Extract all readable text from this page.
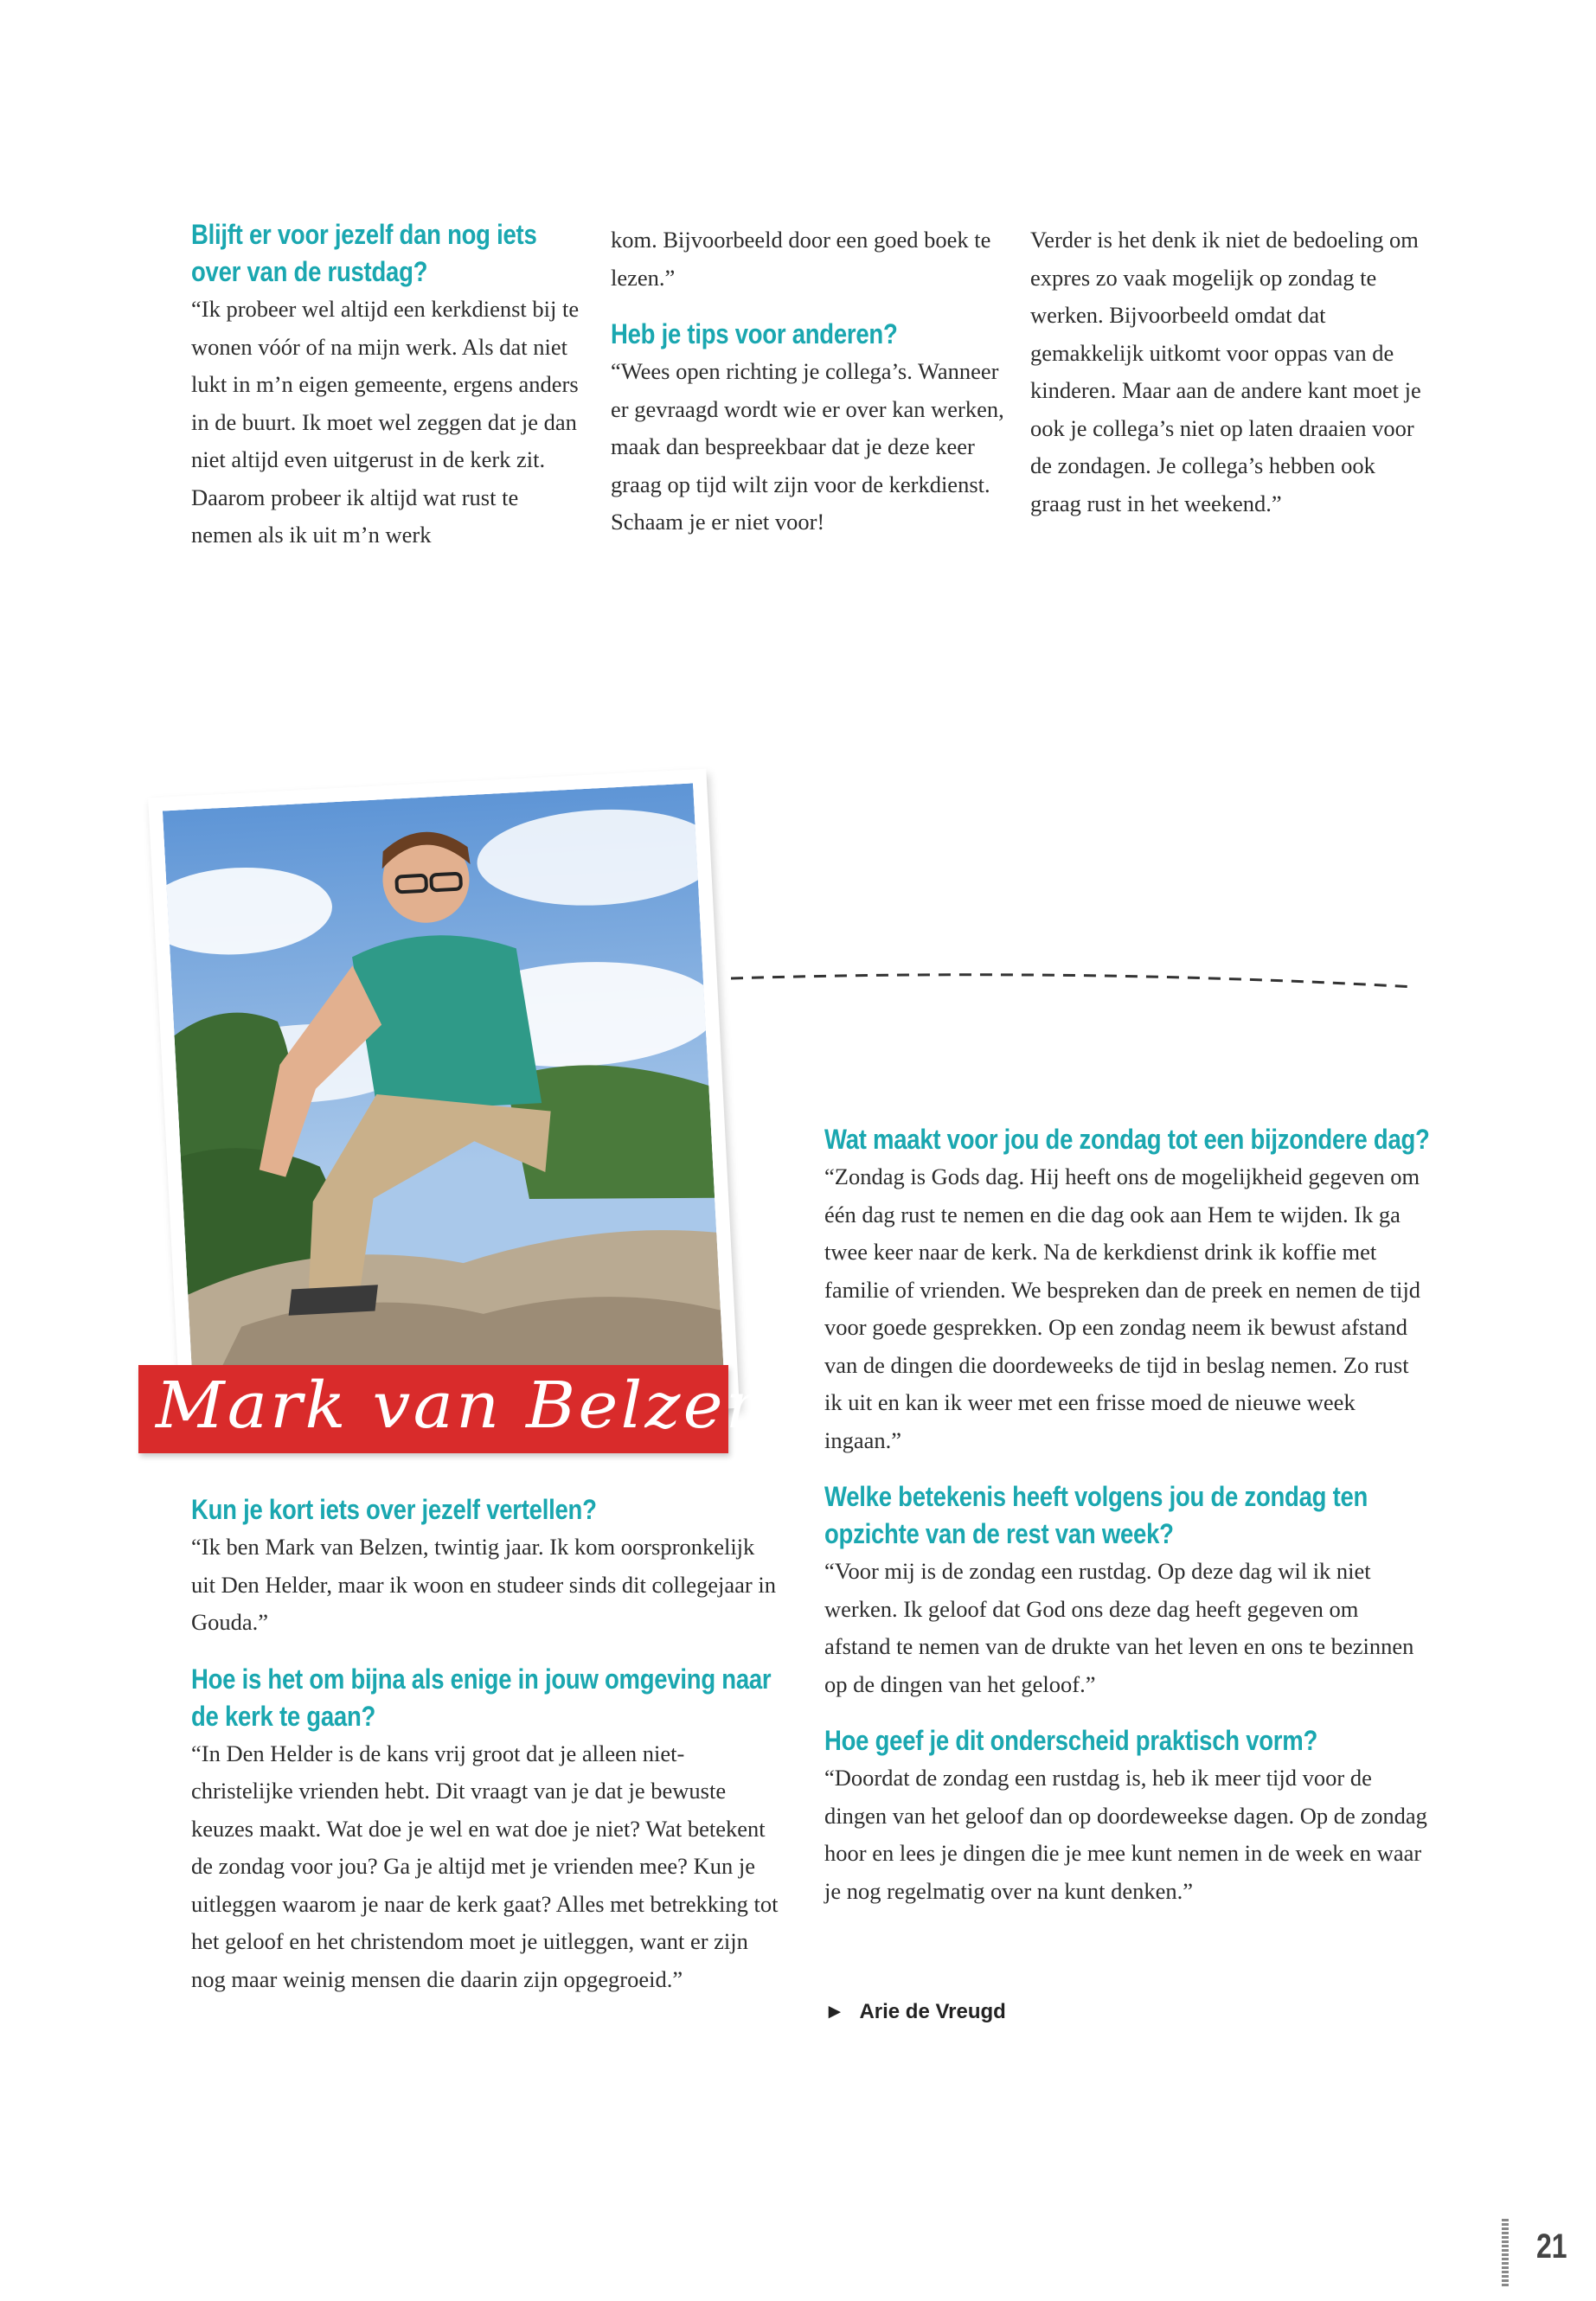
Blijft er voor jezelf dan nog iets over van de rustdag?

“Ik probeer wel altijd een kerkdienst bij te wonen vóór of na mijn werk. Als dat niet lukt in m’n eigen gemeente, ergens anders in de buurt. Ik moet wel zeggen dat je dan niet altijd even uitgerust in de kerk zit. Daarom probeer ik altijd wat rust te nemen als ik uit m’n werk

kom. Bijvoorbeeld door een goed boek te lezen.”

Heb je tips voor anderen?

“Wees open richting je collega’s. Wanneer er gevraagd wordt wie er over kan werken, maak dan bespreekbaar dat je deze keer graag op tijd wilt zijn voor de kerkdienst. Schaam je er niet voor!

Verder is het denk ik niet de bedoeling om expres zo vaak mogelijk op zondag te werken. Bijvoorbeeld omdat dat gemakkelijk uitkomt voor oppas van de kinderen. Maar aan de andere kant moet je ook je collega’s niet op laten draaien voor de zondagen. Je collega’s hebben ook graag rust in het weekend.”

Mark van Belzen
Kun je kort iets over jezelf vertellen?

“Ik ben Mark van Belzen, twintig jaar. Ik kom oorspronkelijk uit Den Helder, maar ik woon en studeer sinds dit collegejaar in Gouda.”

Hoe is het om bijna als enige in jouw omgeving naar de kerk te gaan?

“In Den Helder is de kans vrij groot dat je alleen niet-christelijke vrienden hebt. Dit vraagt van je dat je bewuste keuzes maakt. Wat doe je wel en wat doe je niet? Wat betekent de zondag voor jou? Ga je altijd met je vrienden mee? Kun je uitleggen waarom je naar de kerk gaat? Alles met betrekking tot het geloof en het christendom moet je uitleggen, want er zijn nog maar weinig mensen die daarin zijn opgegroeid.”

Wat maakt voor jou de zondag tot een bijzondere dag?

“Zondag is Gods dag. Hij heeft ons de mogelijkheid gegeven om één dag rust te nemen en die dag ook aan Hem te wijden. Ik ga twee keer naar de kerk. Na de kerkdienst drink ik koffie met familie of vrienden. We bespreken dan de preek en nemen de tijd voor goede gesprekken. Op een zondag neem ik bewust afstand van de dingen die doordeweeks de tijd in beslag nemen. Zo rust ik uit en kan ik weer met een frisse moed de nieuwe week ingaan.”

Welke betekenis heeft volgens jou de zondag ten opzichte van de rest van week?

“Voor mij is de zondag een rustdag. Op deze dag wil ik niet werken. Ik geloof dat God ons deze dag heeft gegeven om afstand te nemen van de drukte van het leven en ons te bezinnen op de dingen van het geloof.”

Hoe geef je dit onderscheid praktisch vorm?

“Doordat de zondag een rustdag is, heb ik meer tijd voor de dingen van het geloof dan op doordeweekse dagen. Op de zondag hoor en lees je dingen die je mee kunt nemen in de week en waar je nog regelmatig over na kunt denken.”

► Arie de Vreugd
21
